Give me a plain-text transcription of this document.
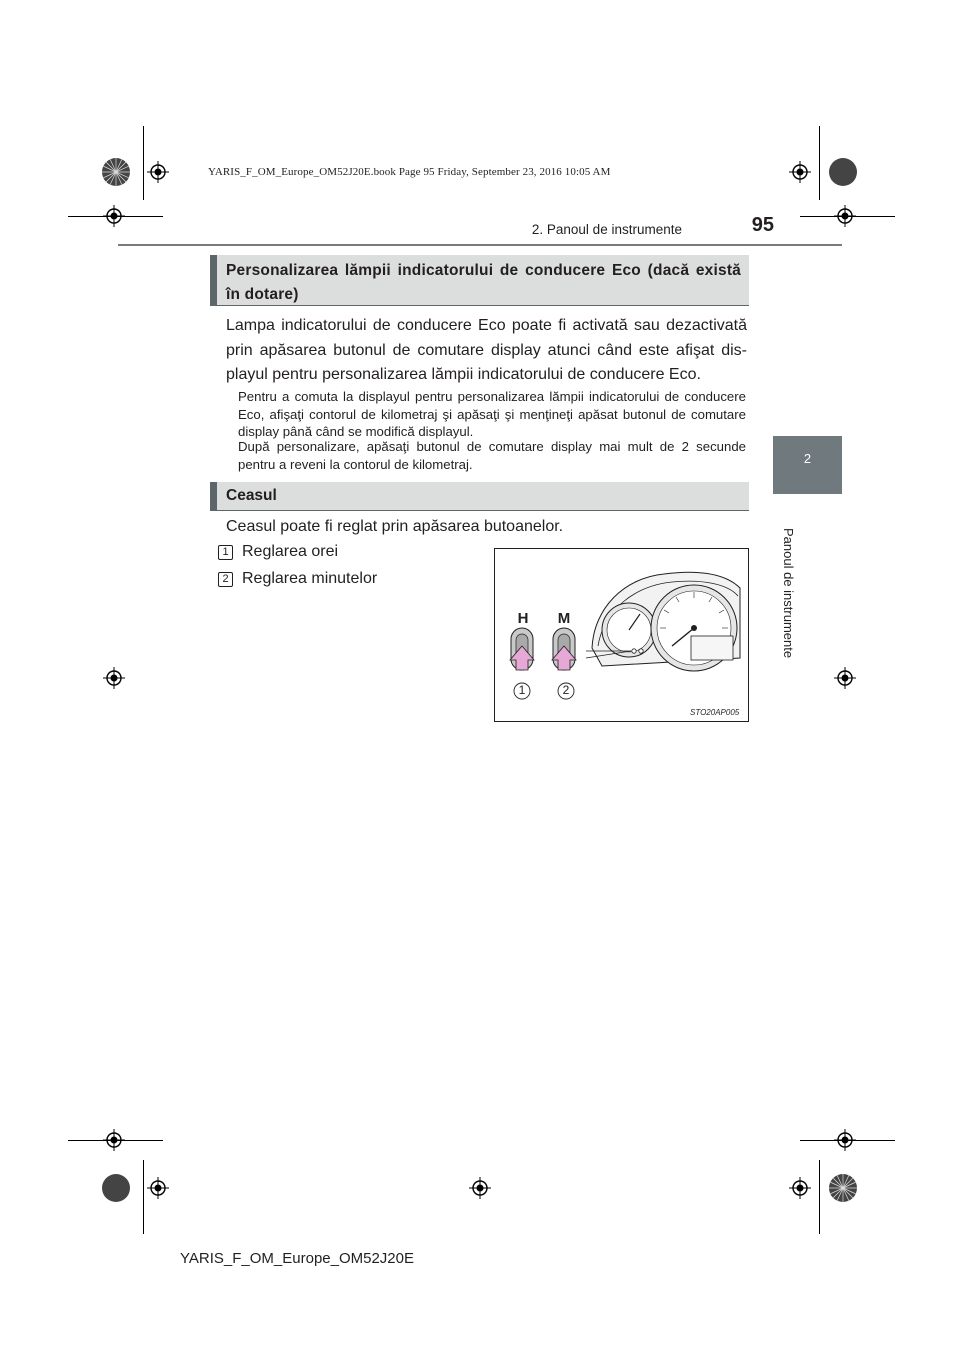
YARIS_F_OM_Europe_OM52J20E.book Page 95 Friday, September 23, 2016 10:05 AM
2. Panoul de instrumente	95
2
Panoul de instrumente
Personalizarea lămpii indicatorului de conducere Eco (dacă există în dotare)
Lampa indicatorului de conducere Eco poate fi activată sau dezactivată prin apăsarea butonul de comutare display atunci când este afişat dis-playul pentru personalizarea lămpii indicatorului de conducere Eco.
Pentru a comuta la displayul pentru personalizarea lămpii indicatorului de conducere Eco, afişaţi contorul de kilometraj şi apăsaţi şi menţineţi apăsat butonul de comutare display până când se modifică displayul.
După personalizare, apăsaţi butonul de comutare display mai mult de 2 secunde pentru a reveni la contorul de kilometraj.
Ceasul
Ceasul poate fi reglat prin apăsarea butoanelor.
1 Reglarea orei
2 Reglarea minutelor
H M
1	2
STO20AP005
YARIS_F_OM_Europe_OM52J20E
